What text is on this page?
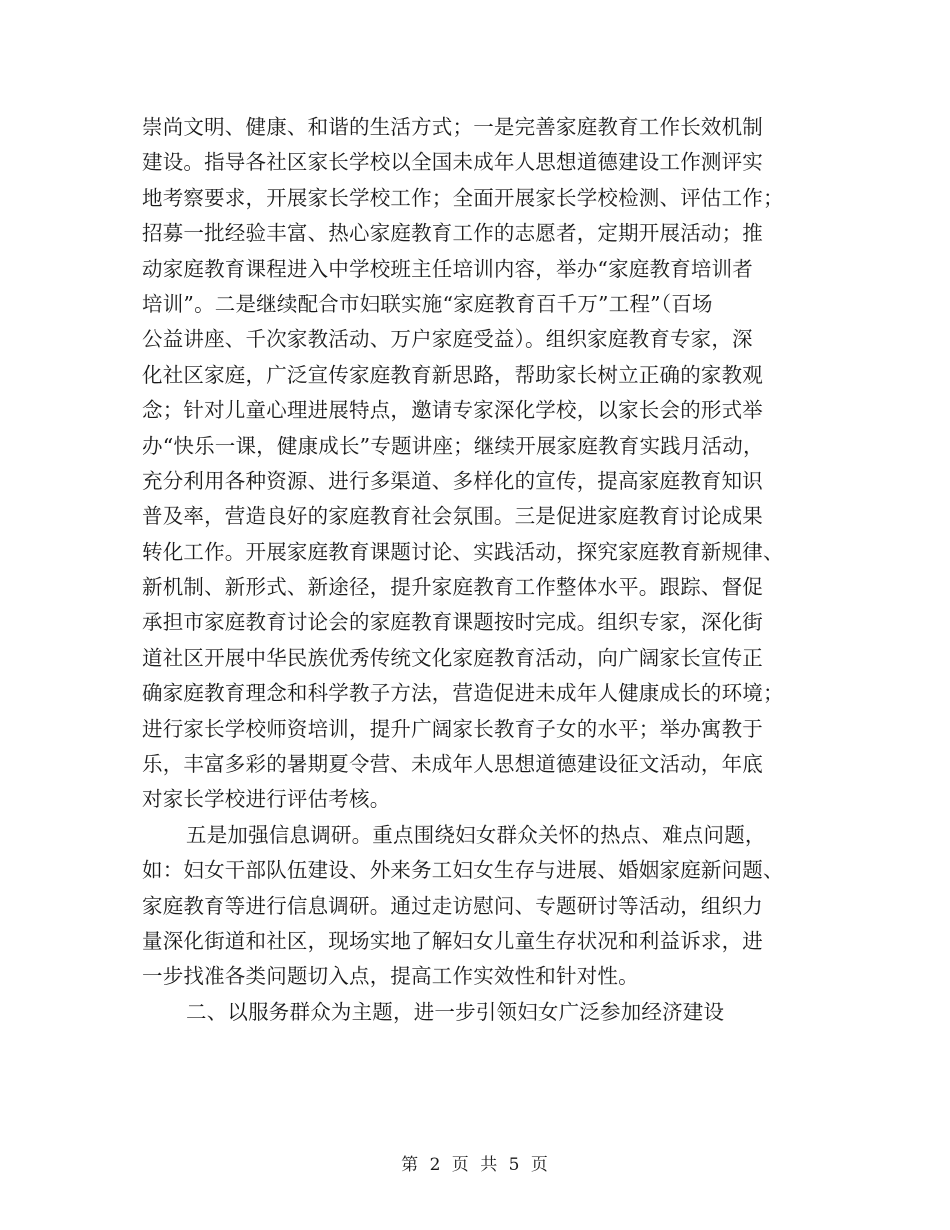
崇尚文明、健康、和谐的生活方式；一是完善家庭教育工作长效机制
建设。指导各社区家长学校以全国未成年人思想道德建设工作测评实
地考察要求，开展家长学校工作；全面开展家长学校检测、评估工作；
招募一批经验丰富、热心家庭教育工作的志愿者，定期开展活动；推
动家庭教育课程进入中学校班主任培训内容，举办“家庭教育培训者
培训”。二是继续配合市妇联实施“家庭教育百千万”工程”（百场
公益讲座、千次家教活动、万户家庭受益）。组织家庭教育专家，深
化社区家庭，广泛宣传家庭教育新思路，帮助家长树立正确的家教观
念；针对儿童心理进展特点，邀请专家深化学校，以家长会的形式举
办“快乐一课，健康成长”专题讲座；继续开展家庭教育实践月活动，
充分利用各种资源、进行多渠道、多样化的宣传，提高家庭教育知识
普及率，营造良好的家庭教育社会氛围。三是促进家庭教育讨论成果
转化工作。开展家庭教育课题讨论、实践活动，探究家庭教育新规律、
新机制、新形式、新途径，提升家庭教育工作整体水平。跟踪、督促
承担市家庭教育讨论会的家庭教育课题按时完成。组织专家，深化街
道社区开展中华民族优秀传统文化家庭教育活动，向广阔家长宣传正
确家庭教育理念和科学教子方法，营造促进未成年人健康成长的环境；
进行家长学校师资培训，提升广阔家长教育子女的水平；举办寓教于
乐，丰富多彩的暑期夏令营、未成年人思想道德建设征文活动，年底
对家长学校进行评估考核。
五是加强信息调研。重点围绕妇女群众关怀的热点、难点问题，
如：妇女干部队伍建设、外来务工妇女生存与进展、婚姻家庭新问题、
家庭教育等进行信息调研。通过走访慰问、专题研讨等活动，组织力
量深化街道和社区，现场实地了解妇女儿童生存状况和利益诉求，进
一步找准各类问题切入点，提高工作实效性和针对性。
二、以服务群众为主题，进一步引领妇女广泛参加经济建设
第 2 页 共 5 页
